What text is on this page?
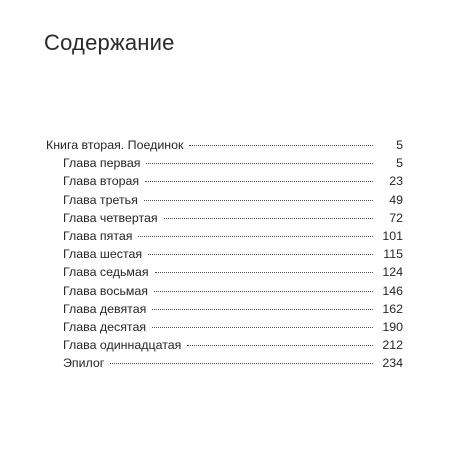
Содержание
Книга вторая. Поединок	5
Глава первая	5
Глава вторая	23
Глава третья	49
Глава четвертая	72
Глава пятая	101
Глава шестая	115
Глава седьмая	124
Глава восьмая	146
Глава девятая	162
Глава десятая	190
Глава одиннадцатая	212
Эпилог	234
